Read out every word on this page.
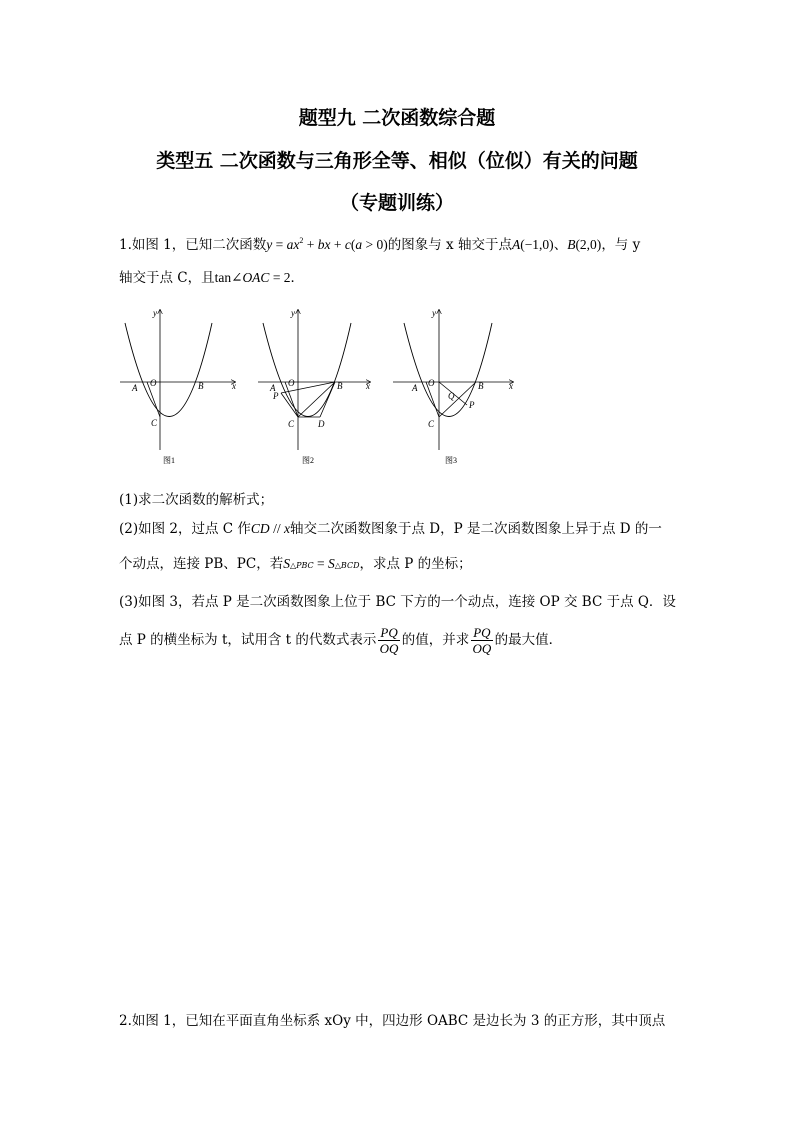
题型九 二次函数综合题
类型五 二次函数与三角形全等、相似（位似）有关的问题
（专题训练）
1.如图 1，已知二次函数$y = ax^2$ + bx + c(a > 0)的图象与 x 轴交于点A(−1,0)、B(2,0)，与 y
轴交于点 C，且tan∠OAC = 2．
x
y
A O	B
C
图1
x
y
A O	B
P
C	D
图2
x
y
A O	B
Q
P
C
图3
(1)求二次函数的解析式；
(2)如图 2，过点 C 作CD // x轴交二次函数图象于点 D，P 是二次函数图象上异于点 D 的一
个动点，连接 PB、PC，若S△PBC = S△BCD，求点 P 的坐标；
(3)如图 3，若点 P 是二次函数图象上位于 BC 下方的一个动点，连接 OP 交 BC 于点 Q．设
点 P 的横坐标为 t，试用含 t 的代数式表示 $\frac{PQ}{OQ}$ 的值，并求 $\frac{PQ}{OQ}$ 的最大值．
2.如图 1，已知在平面直角坐标系 xOy 中，四边形 OABC 是边长为 3 的正方形，其中顶点
